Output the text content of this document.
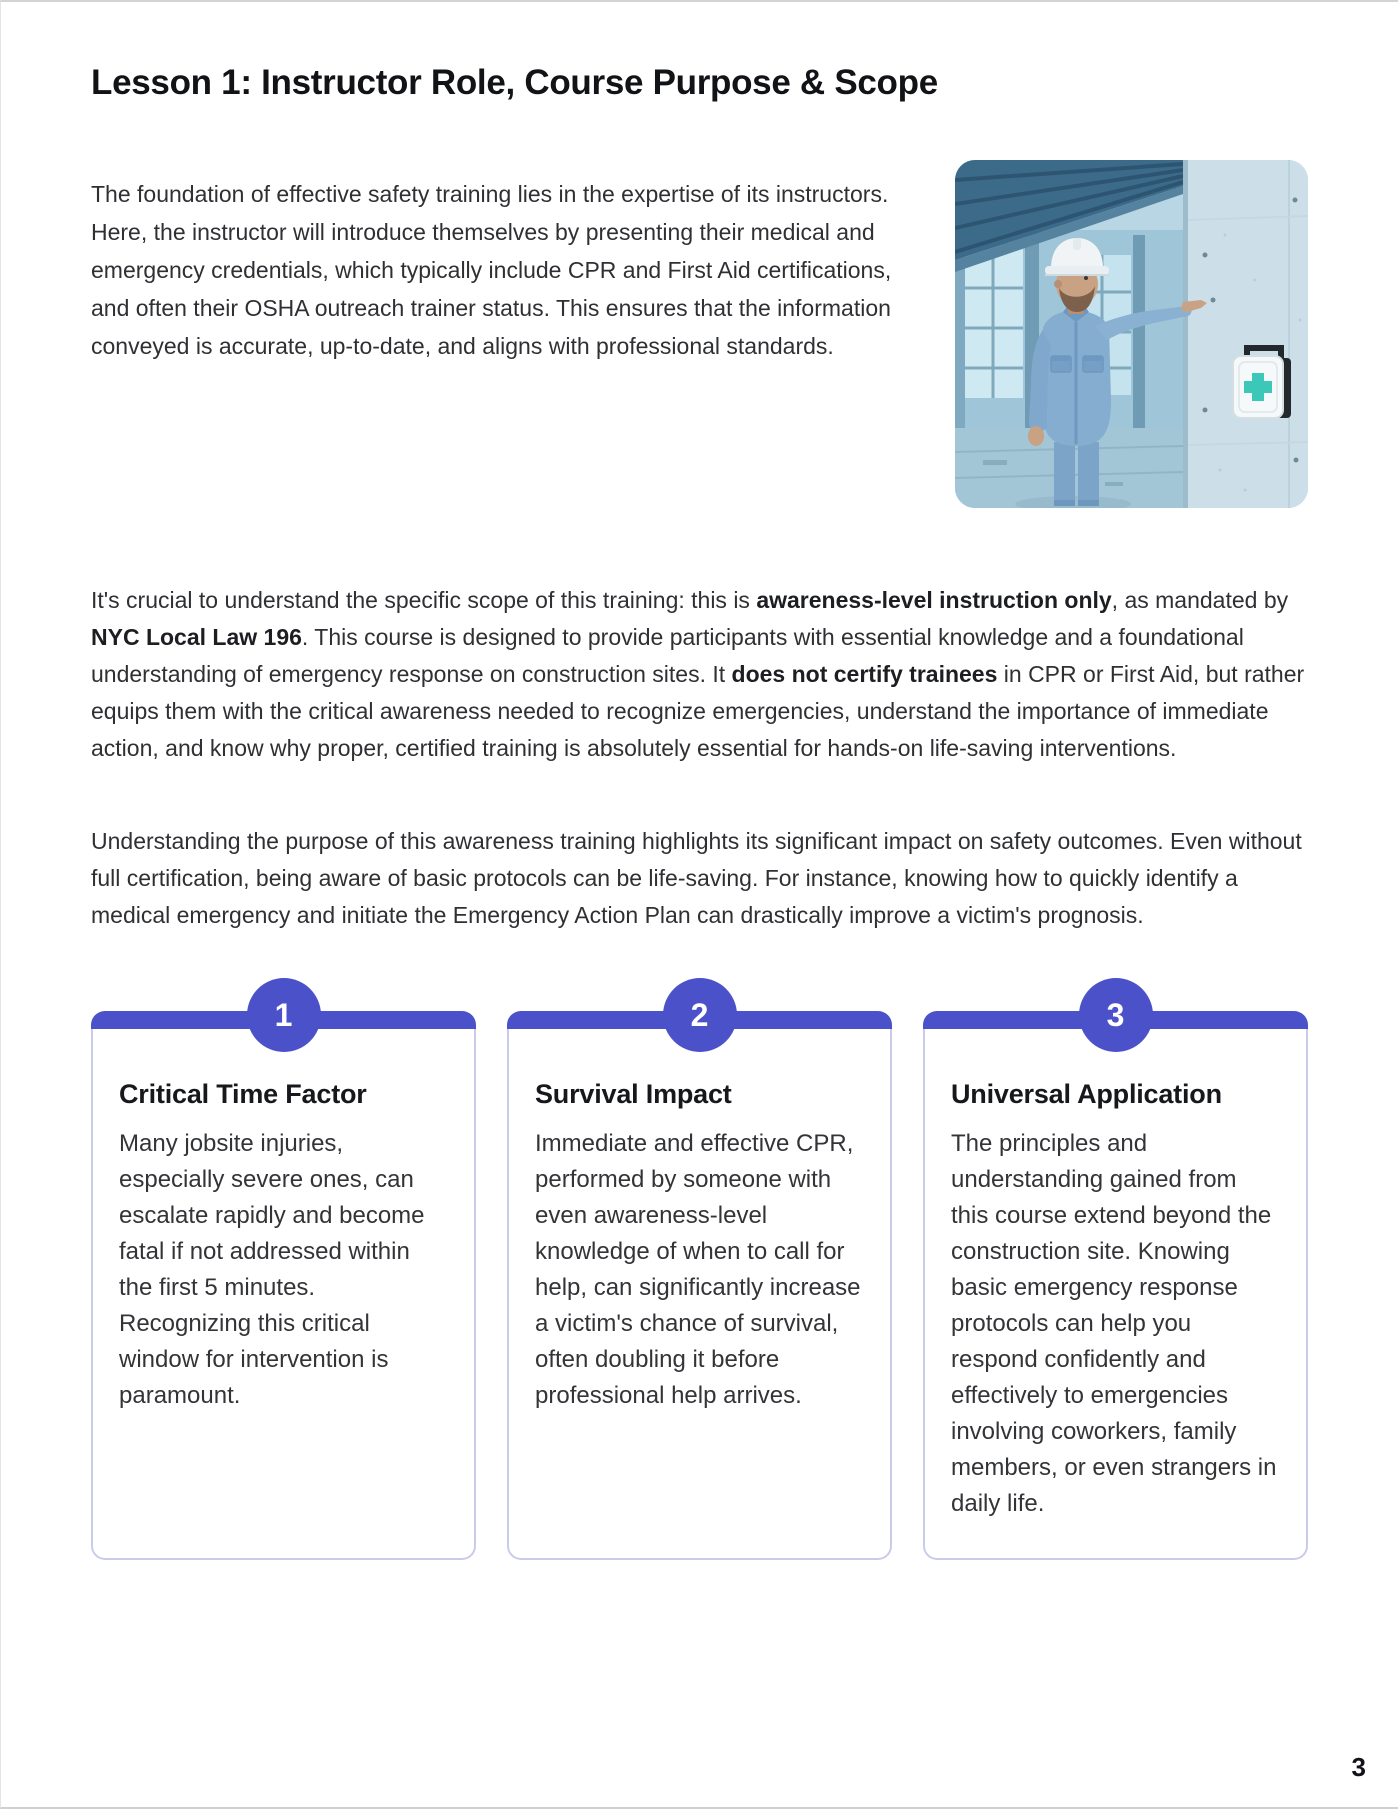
Lesson 1: Instructor Role, Course Purpose & Scope

The foundation of effective safety training lies in the expertise of its instructors. Here, the instructor will introduce themselves by presenting their medical and emergency credentials, which typically include CPR and First Aid certifications, and often their OSHA outreach trainer status. This ensures that the information conveyed is accurate, up-to-date, and aligns with professional standards.

It's crucial to understand the specific scope of this training: this is awareness-level instruction only, as mandated by NYC Local Law 196. This course is designed to provide participants with essential knowledge and a foundational understanding of emergency response on construction sites. It does not certify trainees in CPR or First Aid, but rather equips them with the critical awareness needed to recognize emergencies, understand the importance of immediate action, and know why proper, certified training is absolutely essential for hands-on life-saving interventions.

Understanding the purpose of this awareness training highlights its significant impact on safety outcomes. Even without full certification, being aware of basic protocols can be life-saving. For instance, knowing how to quickly identify a medical emergency and initiate the Emergency Action Plan can drastically improve a victim's prognosis.

1
Critical Time Factor

Many jobsite injuries, especially severe ones, can escalate rapidly and become fatal if not addressed within the first 5 minutes. Recognizing this critical window for intervention is paramount.

2
Survival Impact

Immediate and effective CPR, performed by someone with even awareness-level knowledge of when to call for help, can significantly increase a victim's chance of survival, often doubling it before professional help arrives.

3
Universal Application

The principles and understanding gained from this course extend beyond the construction site. Knowing basic emergency response protocols can help you respond confidently and effectively to emergencies involving coworkers, family members, or even strangers in daily life.

3
